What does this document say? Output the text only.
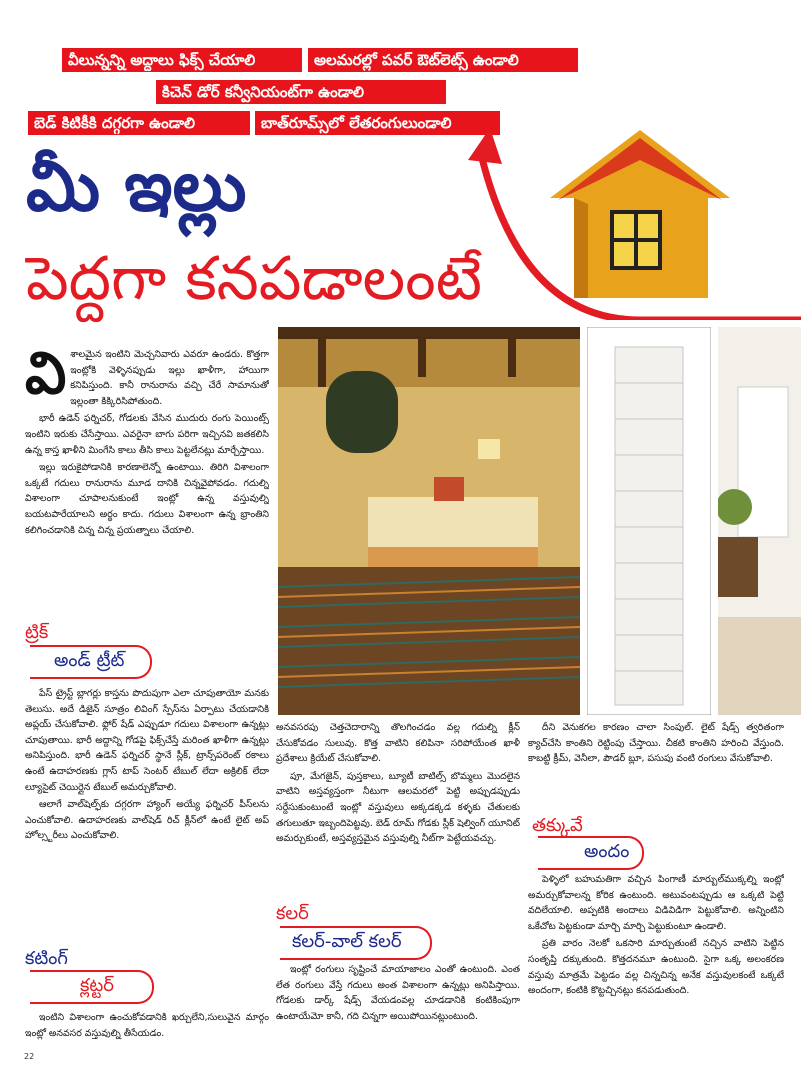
వీలున్నన్ని అద్దాలు ఫిక్స్ చేయాలి	అలమరల్లో పవర్ ఔట్‌లెట్స్ ఉండాలి
కిచెన్ డోర్ కన్వీనియంట్‌గా ఉండాలి
బెడ్ కిటికీకి దగ్గరగా ఉండాలి	బాత్‌రూమ్స్‌లో లేతరంగులుండాలి
మీ ఇల్లు
పెద్దగా కనపడాలంటే
వి శాలమైన ఇంటిని మెచ్చనివారు ఎవరూ ఉండరు. కొత్తగా ఇంట్లోకి వెళ్ళినప్పుడు ఇల్లు ఖాళీగా, హాయిగా కనిపిస్తుంది. కానీ రానురాను వచ్చి చేరే సామానుతో ఇల్లంతా కిక్కిరిసిపోతుంది.

భారీ ఉడెన్ ఫర్నిచర్, గోడలకు వేసిన ముదురు రంగు పెయింట్స్ ఇంటిని ఇరుకు చేసేస్తాయి. ఎవరైనా బాగు పరిగా ఇచ్చినవి జతకలిసి ఉన్న కాస్త ఖాళీని మింగేసి కాలు తీసి కాలు పెట్టలేనట్లు మార్చేస్తాయి.

ఇల్లు ఇరుకైపోడానికి కారణాలెన్నో ఉంటాయి. తిరిగి విశాలంగా ఒక్కటే గదులు రానురాను మూడ దానికి చిన్నవైపోవడం. గదుల్ని విశాలంగా చూపాలనుకుంటే ఇంట్లో ఉన్న వస్తువుల్ని బయటపారేయాలని అర్థం కాదు. గదులు విశాలంగా ఉన్న భ్రాంతిని కలిగించడానికి చిన్న చిన్న ప్రయత్నాలు చేయాలి.

ట్రిక్
అండ్ ట్రీట్

పేస్ ట్రైస్ట్ బ్లాగర్లు కాస్తను పొదుపుగా ఎలా చూపుతాయో మనకు తెలుసు. అదే డిజైన్ సూత్రం లివింగ్ స్పేస్‌ను ఏర్పాటు చేయడానికి అప్లయ్ చేసుకోవాలి. ఫ్లోర్ షేడ్ ఎప్పుడూ గదులు విశాలంగా ఉన్నట్లు చూపుతాయి. భారీ అద్దాన్ని గోడపై ఫిక్స్‌చేస్తే మరింత ఖాళీగా ఉన్నట్లు అనిపిస్తుంది. భారీ ఉడెన్ ఫర్నిచర్ స్థానే స్లీక్, ట్రాన్స్‌పరెంట్ రకాలు ఉంటే ఉదాహరణకు గ్లాస్ టాప్ సెంటర్ టేబుల్ లేదా అక్రిలిక్ లేదా ల్యూసైట్ చెయిర్లైన టేబుల్ అమర్చుకోవాలి.

ఆలాగే వాల్‌షెల్ఫ్‌కు దగ్గరగా హ్యాంగ్ అయ్యే ఫర్నిచర్ పీస్‌లను ఎంచుకోవాలి. ఉదాహరణకు వాల్‌షెడ్ రిచ్ క్లీన్‌లో ఉంటే లైట్ అప్ హోల్స్టరీలు ఎంచుకోవాలి.

కటింగ్
క్లట్టర్

ఇంటిని విశాలంగా ఉంచుకోవడానికి ఖర్చులేని,సులువైన మార్గం ఇంట్లో అనవసర వస్తువుల్ని తీసేయడం.

అనవసరపు చెత్తచెదారాన్ని తొలగించడం వల్ల గదుల్ని క్లీన్ చేసుకోవడం సులువు. కొత్త వాటిని కలిపినా సరిపోయేంత ఖాళీ ప్రదేశాలు క్రియేట్ చేసుకోవాలి.

పూ, మేగజైన్, పుస్తకాలు, బ్యూటీ బాటిల్స్ బొమ్మలు మొదలైన వాటిని అస్తవ్యస్తంగా నీటుగా ఆలమరలో పెట్టి అప్పుడప్పుడు సర్దేసుకుంటుంటే ఇంట్లో వస్తువులు అక్కడక్కడ కళ్ళకు చేతులకు తగులుతూ ఇబ్బందిపెట్టవు. బెడ్ రూమ్ గోడకు స్లీక్ షెల్వింగ్ యూనిట్ అమర్చుకుంటే, అస్తవ్యస్తమైన వస్తువుల్ని నీట్‌గా పెట్టేయవచ్చు.

కలర్
కలర్-వాల్ కలర్

ఇంట్లో రంగులు సృష్టించే మాయాజాలం ఎంతో ఉంటుంది. ఎంత లేత రంగులు వేస్తే గదులు అంత విశాలంగా ఉన్నట్లు అనిపిస్తాయి. గోడలకు డార్క్ షేడ్స్ వేయడంవల్ల చూడడానికి కంటికింపుగా ఉంటాయేమో కానీ, గది చిన్నగా అయిపోయినట్లుంటుంది.

దీని వెనుకగల కారణం చాలా సింపుల్. లైట్ షేడ్స్ త్వరితంగా క్యాచ్‌చేసి కాంతిని రెట్టింపు చేస్తాయి. చీకటి కాంతిని హరించి వేస్తుంది. కాబట్టి క్రీమ్, వెనీలా, పౌడర్ బ్లూ, పసుపు వంటి రంగులు వేసుకోవాలి.

తక్కువే
అందం

పెళ్ళిలో బహుమతిగా వచ్చిన పింగాణీ మార్బుల్‌ముక్కల్ని ఇంట్లో అమర్చుకోవాలన్న కోరిక ఉంటుంది. అటువంటప్పుడు ఆ ఒక్కటి పెట్టి వదిలేయాలి. అప్పటికి అందాలు విడివిడిగా పెట్టుకోవాలి. అన్నింటిని ఒకేచోట పెట్టకుండా మార్చి మార్చి పెట్టుకుంటూ ఉండాలి.

ప్రతి వారం నెలకో ఒకసారి మార్చుతుంటే నచ్చిన వాటిని పెట్టిన సంతృప్తి దక్కుతుంది. కొత్తదనమూ ఉంటుంది. సైగా ఒక్క అలంకరణ వస్తువు మాత్రమే పెట్టడం వల్ల చిన్నచిన్న అనేక వస్తువులకంటే ఒక్కటే అందంగా, కంటికి కొట్టచ్చినట్లు కనపడుతుంది.

22
